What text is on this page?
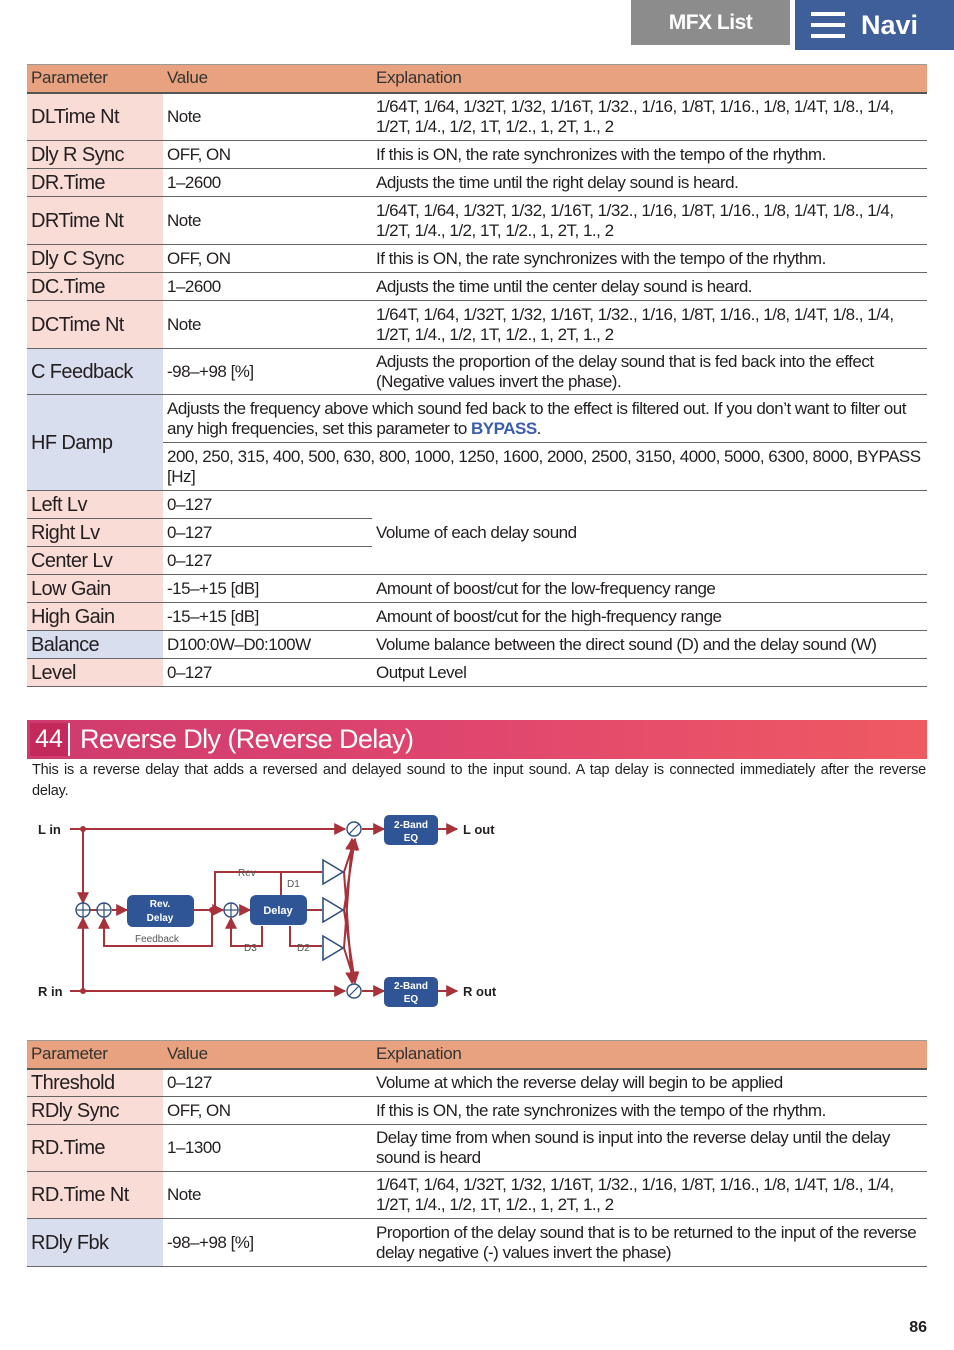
MFX List	Navi
Parameter	Value	Explanation
DLTime Nt	Note	1/64T, 1/64, 1/32T, 1/32, 1/16T, 1/32., 1/16, 1/8T, 1/16., 1/8, 1/4T, 1/8., 1/4, 1/2T, 1/4., 1/2, 1T, 1/2., 1, 2T, 1., 2
Dly R Sync	OFF, ON	If this is ON, the rate synchronizes with the tempo of the rhythm.
DR.Time	1–2600	Adjusts the time until the right delay sound is heard.
DRTime Nt	Note	1/64T, 1/64, 1/32T, 1/32, 1/16T, 1/32., 1/16, 1/8T, 1/16., 1/8, 1/4T, 1/8., 1/4, 1/2T, 1/4., 1/2, 1T, 1/2., 1, 2T, 1., 2
Dly C Sync	OFF, ON	If this is ON, the rate synchronizes with the tempo of the rhythm.
DC.Time	1–2600	Adjusts the time until the center delay sound is heard.
DCTime Nt	Note	1/64T, 1/64, 1/32T, 1/32, 1/16T, 1/32., 1/16, 1/8T, 1/16., 1/8, 1/4T, 1/8., 1/4, 1/2T, 1/4., 1/2, 1T, 1/2., 1, 2T, 1., 2
C Feedback	-98–+98 [%]	Adjusts the proportion of the delay sound that is fed back into the effect (Negative values invert the phase).
HF Damp	Adjusts the frequency above which sound fed back to the effect is filtered out. If you don’t want to filter out any high frequencies, set this parameter to BYPASS.	
	200, 250, 315, 400, 500, 630, 800, 1000, 1250, 1600, 2000, 2500, 3150, 4000, 5000, 6300, 8000, BYPASS [Hz]	
Left Lv	0–127	Volume of each delay sound
Right Lv	0–127	
Center Lv	0–127	
Low Gain	-15–+15 [dB]	Amount of boost/cut for the low-frequency range
High Gain	-15–+15 [dB]	Amount of boost/cut for the high-frequency range
Balance	D100:0W–D0:100W	Volume balance between the direct sound (D) and the delay sound (W)
Level	0–127	Output Level
44 Reverse Dly (Reverse Delay)
This is a reverse delay that adds a reversed and delayed sound to the input sound. A tap delay is connected immediately after the reverse delay.
L in
R in
L out
R out
Rev.
Delay
Delay
2-Band
EQ
2-Band
EQ
Feedback
Rev
D1
D2
D3
Parameter	Value	Explanation
Threshold	0–127	Volume at which the reverse delay will begin to be applied
RDly Sync	OFF, ON	If this is ON, the rate synchronizes with the tempo of the rhythm.
RD.Time	1–1300	Delay time from when sound is input into the reverse delay until the delay sound is heard
RD.Time Nt	Note	1/64T, 1/64, 1/32T, 1/32, 1/16T, 1/32., 1/16, 1/8T, 1/16., 1/8, 1/4T, 1/8., 1/4, 1/2T, 1/4., 1/2, 1T, 1/2., 1, 2T, 1., 2
RDly Fbk	-98–+98 [%]	Proportion of the delay sound that is to be returned to the input of the reverse delay negative (-) values invert the phase)
86
